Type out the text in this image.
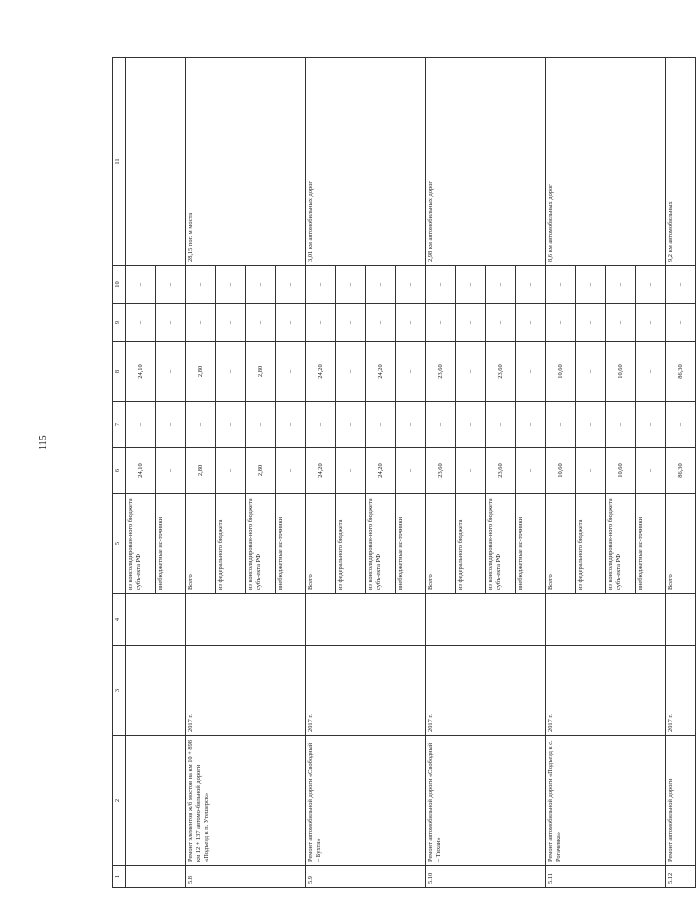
115
1	2	3	4	5	6	7	8	9	10	11
				из консолидирован-ного бюджета субъ-екта РФ	24,10	–	24,10	–	–	
				внебюджетные ис-точники	–	–	–	–	–	
5.8	Ремонт элементов ж/б мостов на км 10 + 898 км 12 + 137 автомо-бильной дороги «Подъезд к п. Утешерск»	2017 г.		Всего	2,80	–	2,80	–	–	28,15 пог. м моста
				из федерального бюджета	–	–	–	–	–	
				из консолидирован-ного бюджета субъ-екта РФ	2,80	–	2,80	–	–	
				внебюджетные ис-точники	–	–	–	–	–	
5.9	Ремонт автомобильной дороги «Свободный – Бухта»	2017 г.		Всего	24,20	–	24,20	–	–	3,01 км автомобильных дорог
				из федерального бюджета	–	–	–	–	–	
				из консолидирован-ного бюджета субъ-екта РФ	24,20	–	24,20	–	–	
				внебюджетные ис-точники	–	–	–	–	–	
5.10	Ремонт автомобильной дороги «Свободный – Тихаи»	2017 г.		Всего	23,60	–	23,60	–	–	2,98 км автомобильных дорог
				из федерального бюджета	–	–	–	–	–	
				из консолидирован-ного бюджета субъ-екта РФ	23,60	–	23,60	–	–	
				внебюджетные ис-точники	–	–	–	–	–	
5.11	Ремонт автомобильной дороги «Подъезд к с. Рогачевка»	2017 г.		Всего	10,60	–	10,60	–	–	8,6 км автомобильных дорог
				из федерального бюджета	–	–	–	–	–	
				из консолидирован-ного бюджета субъ-екта РФ	10,60	–	10,60	–	–	
				внебюджетные ис-точники	–	–	–	–	–	
5.12	Ремонт автомобильной дороги	2017 г.		Всего	86,30	–	86,30	–	–	9,2 км автомобильных
